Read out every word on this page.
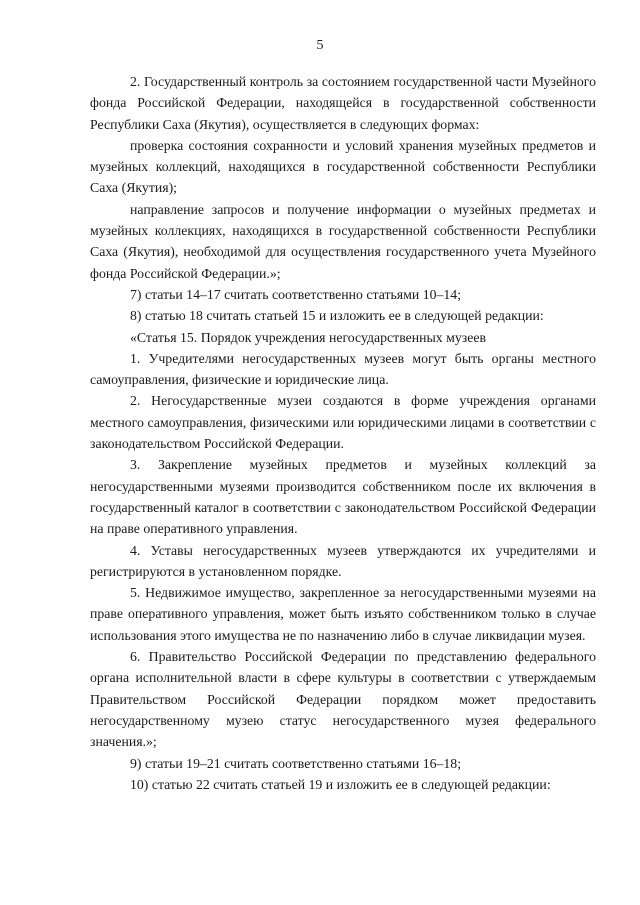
5

2. Государственный контроль за состоянием государственной части Музейного фонда Российской Федерации, находящейся в государственной собственности Республики Саха (Якутия), осуществляется в следующих формах:

проверка состояния сохранности и условий хранения музейных предметов и музейных коллекций, находящихся в государственной собственности Республики Саха (Якутия);

направление запросов и получение информации о музейных предметах и музейных коллекциях, находящихся в государственной собственности Республики Саха (Якутия), необходимой для осуществления государственного учета Музейного фонда Российской Федерации.»;

7) статьи 14–17 считать соответственно статьями 10–14;

8) статью 18 считать статьей 15 и изложить ее в следующей редакции:

«Статья 15. Порядок учреждения негосударственных музеев

1. Учредителями негосударственных музеев могут быть органы местного самоуправления, физические и юридические лица.

2. Негосударственные музеи создаются в форме учреждения органами местного самоуправления, физическими или юридическими лицами в соответствии с законодательством Российской Федерации.

3. Закрепление музейных предметов и музейных коллекций за негосударственными музеями производится собственником после их включения в государственный каталог в соответствии с законодательством Российской Федерации на праве оперативного управления.

4. Уставы негосударственных музеев утверждаются их учредителями и регистрируются в установленном порядке.

5. Недвижимое имущество, закрепленное за негосударственными музеями на праве оперативного управления, может быть изъято собственником только в случае использования этого имущества не по назначению либо в случае ликвидации музея.

6. Правительство Российской Федерации по представлению федерального органа исполнительной власти в сфере культуры в соответствии с утверждаемым Правительством Российской Федерации порядком может предоставить негосударственному музею статус негосударственного музея федерального значения.»;

9) статьи 19–21 считать соответственно статьями 16–18;

10) статью 22 считать статьей 19 и изложить ее в следующей редакции:
